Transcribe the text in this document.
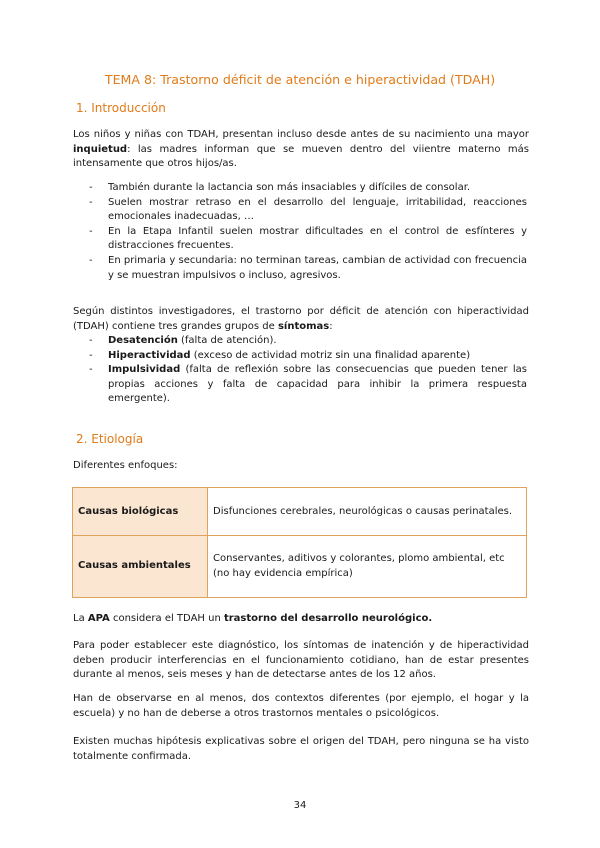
TEMA 8: Trastorno déficit de atención e hiperactividad (TDAH)
1. Introducción

Los niños y niñas con TDAH, presentan incluso desde antes de su nacimiento una mayor inquietud: las madres informan que se mueven dentro del viientre materno más intensamente que otros hijos/as.

- También durante la lactancia son más insaciables y difíciles de consolar.
- Suelen mostrar retraso en el desarrollo del lenguaje, irritabilidad, reacciones emocionales inadecuadas, …
- En la Etapa Infantil suelen mostrar dificultades en el control de esfínteres y distracciones frecuentes.
- En primaria y secundaria: no terminan tareas, cambian de actividad con frecuencia y se muestran impulsivos o incluso, agresivos.

Según distintos investigadores, el trastorno por déficit de atención con hiperactividad (TDAH) contiene tres grandes grupos de síntomas:

- Desatención (falta de atención).
- Hiperactividad (exceso de actividad motriz sin una finalidad aparente)
- Impulsividad (falta de reflexión sobre las consecuencias que pueden tener las propias acciones y falta de capacidad para inhibir la primera respuesta emergente).
2. Etiología

Diferentes enfoques:

Causas biológicas	Disfunciones cerebrales, neurológicas o causas perinatales.
Causas ambientales	Conservantes, aditivos y colorantes, plomo ambiental, etc (no hay evidencia empírica)

La APA considera el TDAH un trastorno del desarrollo neurológico.

Para poder establecer este diagnóstico, los síntomas de inatención y de hiperactividad deben producir interferencias en el funcionamiento cotidiano, han de estar presentes durante al menos, seis meses y han de detectarse antes de los 12 años.

Han de observarse en al menos, dos contextos diferentes (por ejemplo, el hogar y la escuela) y no han de deberse a otros trastornos mentales o psicológicos.

Existen muchas hipótesis explicativas sobre el origen del TDAH, pero ninguna se ha visto totalmente confirmada.

34
